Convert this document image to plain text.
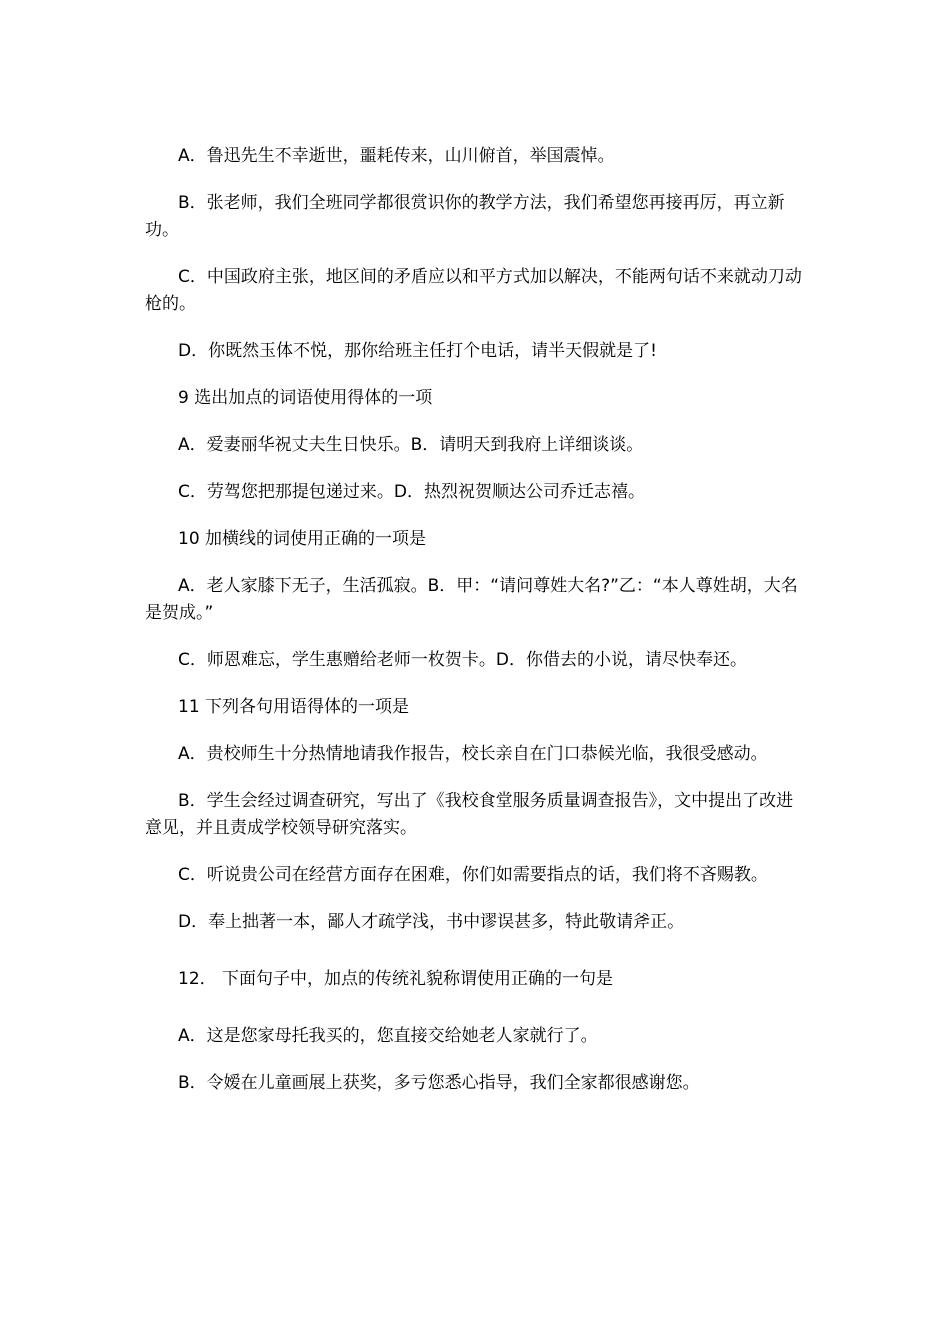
A．鲁迅先生不幸逝世，噩耗传来，山川俯首，举国震悼。

B．张老师，我们全班同学都很赏识你的教学方法，我们希望您再接再厉，再立新功。

C．中国政府主张，地区间的矛盾应以和平方式加以解决，不能两句话不来就动刀动枪的。

D．你既然玉体不悦，那你给班主任打个电话，请半天假就是了!

9 选出加点的词语使用得体的一项

A．爱妻丽华祝丈夫生日快乐。B．请明天到我府上详细谈谈。

C．劳驾您把那提包递过来。D．热烈祝贺顺达公司乔迁志禧。

10 加横线的词使用正确的一项是

A．老人家膝下无子，生活孤寂。B．甲：“请问尊姓大名?”乙：“本人尊姓胡，大名是贺成。”

C．师恩难忘，学生惠赠给老师一枚贺卡。D．你借去的小说，请尽快奉还。

11 下列各句用语得体的一项是

A．贵校师生十分热情地请我作报告，校长亲自在门口恭候光临，我很受感动。

B．学生会经过调查研究，写出了《我校食堂服务质量调查报告》，文中提出了改进意见，并且责成学校领导研究落实。

C．听说贵公司在经营方面存在困难，你们如需要指点的话，我们将不吝赐教。

D．奉上拙著一本，鄙人才疏学浅，书中谬误甚多，特此敬请斧正。

12． 下面句子中，加点的传统礼貌称谓使用正确的一句是

A．这是您家母托我买的，您直接交给她老人家就行了。

B．令嫒在儿童画展上获奖，多亏您悉心指导，我们全家都很感谢您。
